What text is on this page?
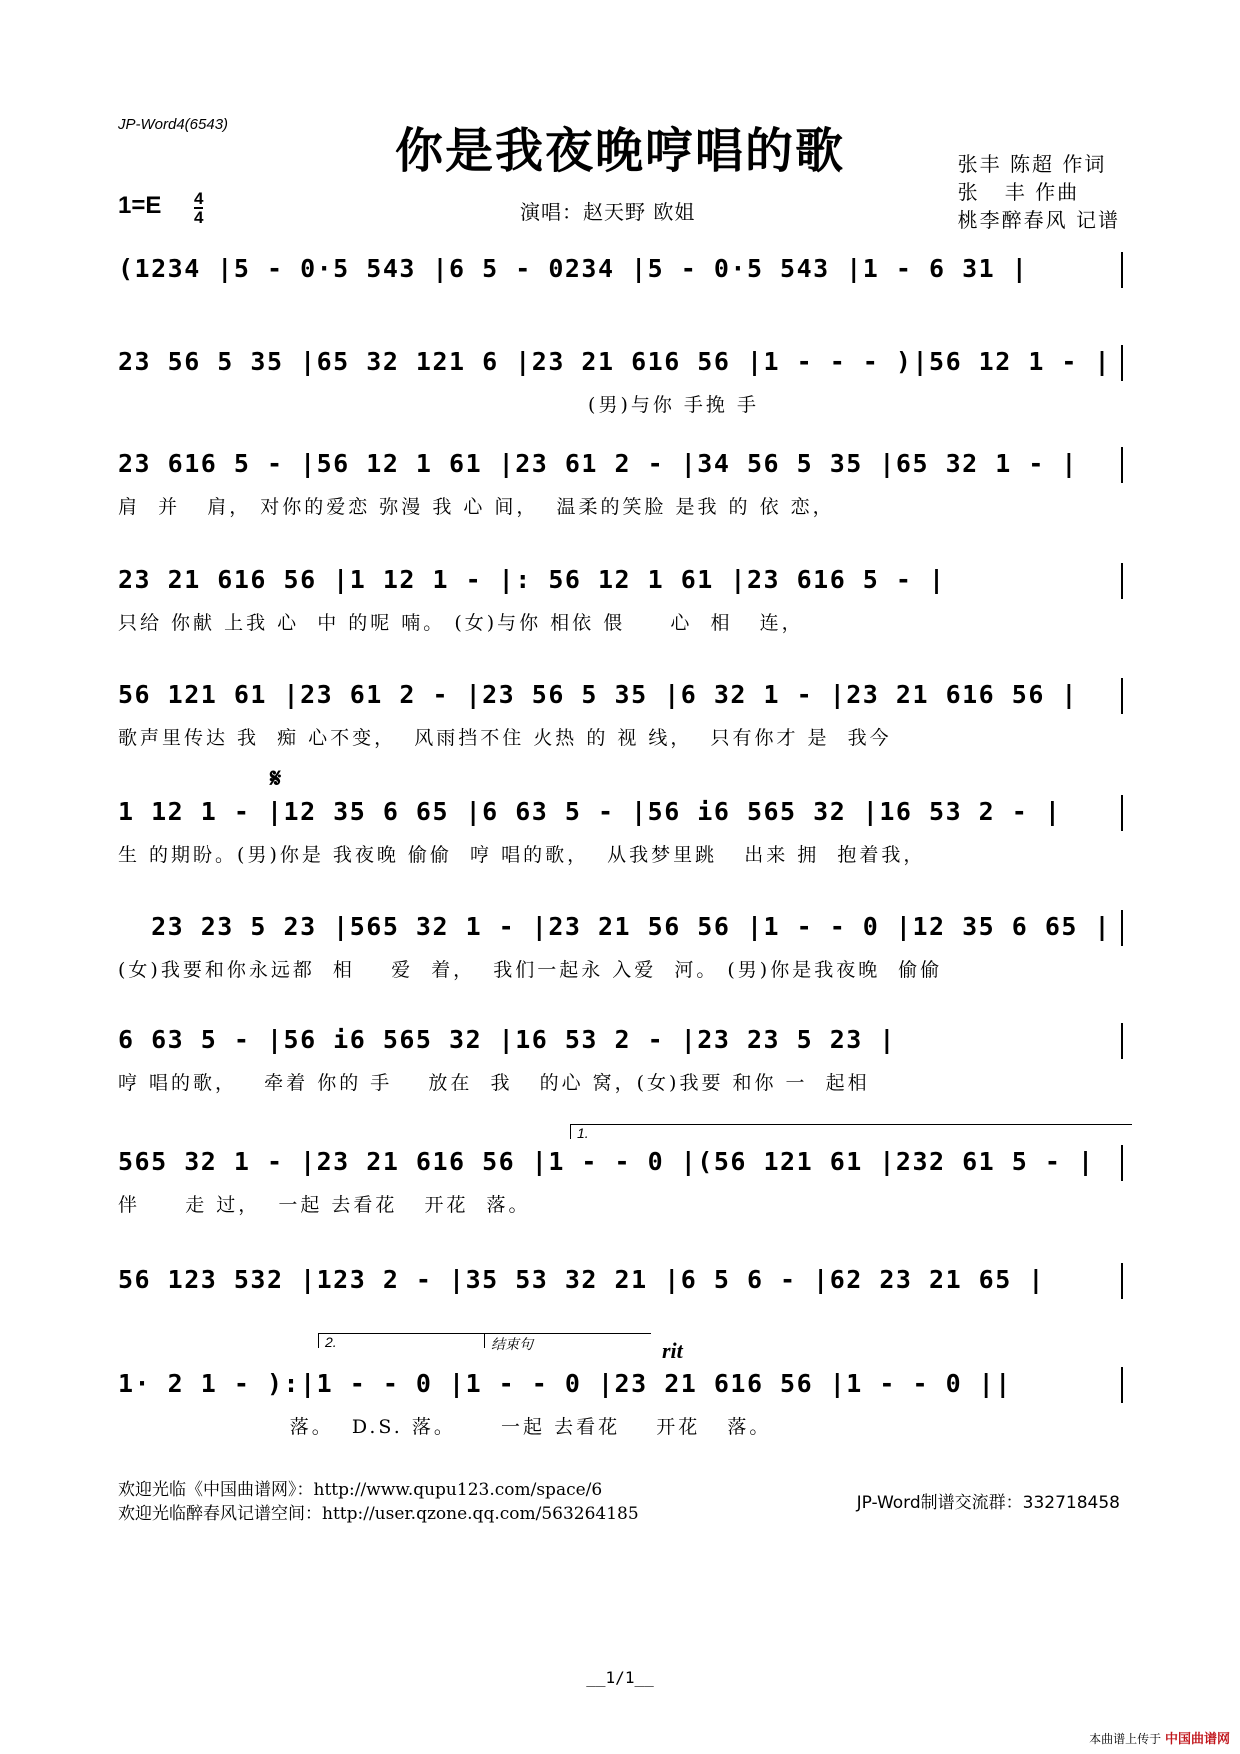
JP-Word4(6543)	你是我夜晚哼唱的歌	张丰 陈超 作词
张   丰 作曲
桃李醉春风 记谱
$1=E \frac{4}{4}$	演唱：赵天野 欧姐
(1234 |5 - 0·5 543 |6 5 - 0234 |5 - 0·5 543 |1 - 6 31 |
23 56 5 35 |65 32 121 6 |23 21 616 56 |1 - - - )|56 12 1 - |
(男)与你 手挽 手
23 616 5 - |56 12 1 61 |23 61 2 - |34 56 5 35 |65 32 1 - |
肩  并   肩， 对你的爱恋 弥漫 我 心 间，  温柔的笑脸 是我 的 依 恋，
23 21 616 56 |1 12 1 - |: 56 12 1 61 |23 616 5 - |
只给 你献 上我 心  中 的呢 喃。 (女)与你 相依 偎     心  相   连，
56 121 61 |23 61 2 - |23 56 5 35 |6 32 1 - |23 21 616 56 |
歌声里传达 我  痴 心不变，  风雨挡不住 火热 的 视 线，  只有你才 是  我今
1 12 1 - |12 35 6 65 |6 63 5 - |56 i6 565 32 |16 53 2 - |
生 的期盼。(男)你是 我夜晚 偷偷  哼 唱的歌，  从我梦里跳   出来 拥  抱着我，
23 23 5 23 |565 32 1 - |23 21 56 56 |1 - - 0 |12 35 6 65 |
(女)我要和你永远都  相    爱  着，  我们一起永 入爱  河。 (男)你是我夜晚  偷偷
6 63 5 - |56 i6 565 32 |16 53 2 - |23 23 5 23 |
哼 唱的歌，   牵着 你的 手    放在  我   的心 窝，(女)我要 和你 一  起相
565 32 1 - |23 21 616 56 |1 - - 0 |(56 121 61 |232 61 5 - |
伴     走 过，  一起 去看花   开花  落。
56 123 532 |123 2 - |35 53 32 21 |6 5 6 - |62 23 21 65 |
1· 2 1 - ):|1 - - 0 |1 - - 0 |23 21 616 56 |1 - - 0 ||
落。  D.S. 落。     一起 去看花    开花   落。
𝄋
rit
1.
2.	结束句
欢迎光临《中国曲谱网》：http://www.qupu123.com/space/6
欢迎光临醉春风记谱空间：http://user.qzone.qq.com/563264185
JP-Word制谱交流群：332718458
__1/1__
本曲谱上传于 中国曲谱网
